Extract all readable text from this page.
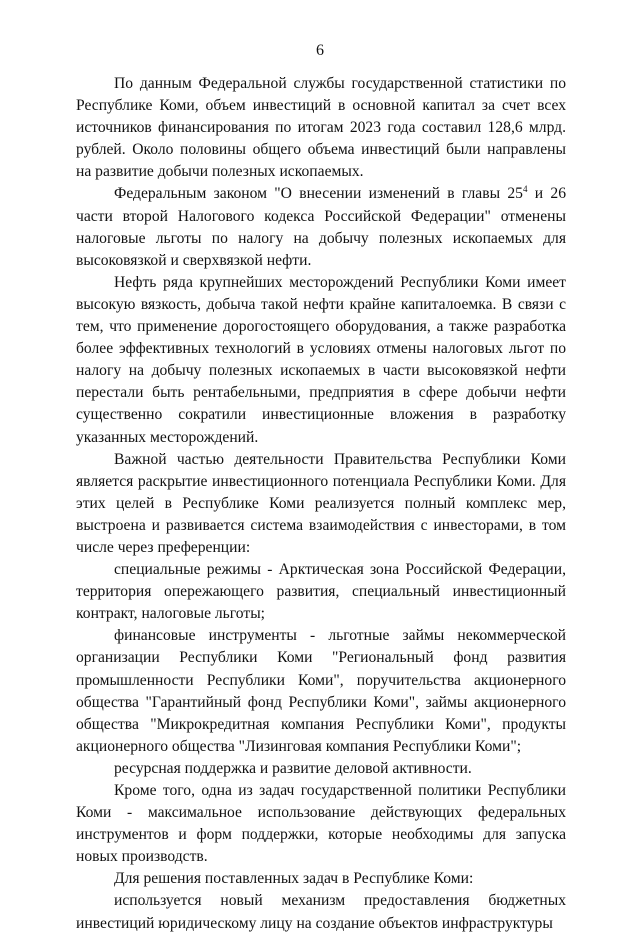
6

По данным Федеральной службы государственной статистики по Республике Коми, объем инвестиций в основной капитал за счет всех источников финансирования по итогам 2023 года составил 128,6 млрд. рублей. Около половины общего объема инвестиций были направлены на развитие добычи полезных ископаемых.

Федеральным законом "О внесении изменений в главы $25^4$ и 26 части второй Налогового кодекса Российской Федерации" отменены налоговые льготы по налогу на добычу полезных ископаемых для высоковязкой и сверхвязкой нефти.

Нефть ряда крупнейших месторождений Республики Коми имеет высокую вязкость, добыча такой нефти крайне капиталоемка. В связи с тем, что применение дорогостоящего оборудования, а также разработка более эффективных технологий в условиях отмены налоговых льгот по налогу на добычу полезных ископаемых в части высоковязкой нефти перестали быть рентабельными, предприятия в сфере добычи нефти существенно сократили инвестиционные вложения в разработку указанных месторождений.

Важной частью деятельности Правительства Республики Коми является раскрытие инвестиционного потенциала Республики Коми. Для этих целей в Республике Коми реализуется полный комплекс мер, выстроена и развивается система взаимодействия с инвесторами, в том числе через преференции:

специальные режимы - Арктическая зона Российской Федерации, территория опережающего развития, специальный инвестиционный контракт, налоговые льготы;

финансовые инструменты - льготные займы некоммерческой организации Республики Коми "Региональный фонд развития промышленности Республики Коми", поручительства акционерного общества "Гарантийный фонд Республики Коми", займы акционерного общества "Микрокредитная компания Республики Коми", продукты акционерного общества "Лизинговая компания Республики Коми";

ресурсная поддержка и развитие деловой активности.

Кроме того, одна из задач государственной политики Республики Коми - максимальное использование действующих федеральных инструментов и форм поддержки, которые необходимы для запуска новых производств.

Для решения поставленных задач в Республике Коми:

используется новый механизм предоставления бюджетных инвестиций юридическому лицу на создание объектов инфраструктуры
